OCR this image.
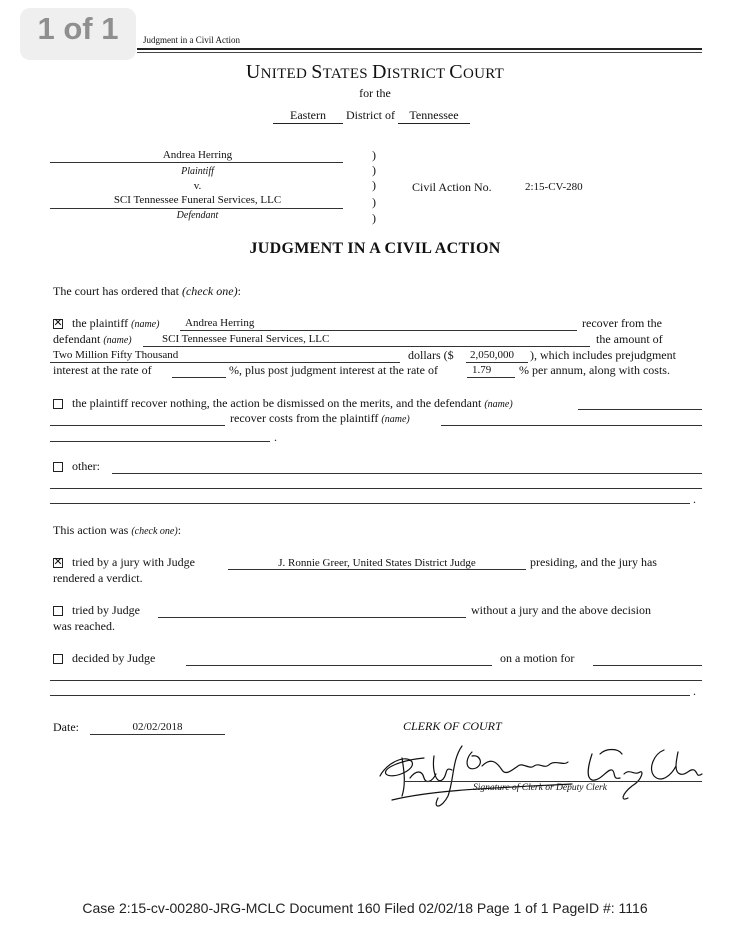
1 of 1	Judgment in a Civil Action
UNITED STATES DISTRICT COURT
for the
Eastern District of Tennessee
Andrea Herring
Plaintiff
v.
SCI Tennessee Funeral Services, LLC
Defendant
)
)
)
)
)
Civil Action No.	2:15-CV-280
JUDGMENT IN A CIVIL ACTION
The court has ordered that (check one):
✕ the plaintiff (name) Andrea Herring	recover from the
defendant (name)	SCI Tennessee Funeral Services, LLC	the amount of
Two Million Fifty Thousand	dollars ($ 2,050,000 ), which includes prejudgment
interest at the rate of	%, plus post judgment interest at the rate of	1.79 % per annum, along with costs.
the plaintiff recover nothing, the action be dismissed on the merits, and the defendant (name)
recover costs from the plaintiff (name)
.
other:
.
This action was (check one):
✕ tried by a jury with Judge	J. Ronnie Greer, United States District Judge	presiding, and the jury has
rendered a verdict.
tried by Judge	without a jury and the above decision
was reached.
decided by Judge	on a motion for
.
Date:	02/02/2018	CLERK OF COURT
Signature of Clerk or Deputy Clerk
Case 2:15-cv-00280-JRG-MCLC Document 160 Filed 02/02/18 Page 1 of 1 PageID #: 1116
